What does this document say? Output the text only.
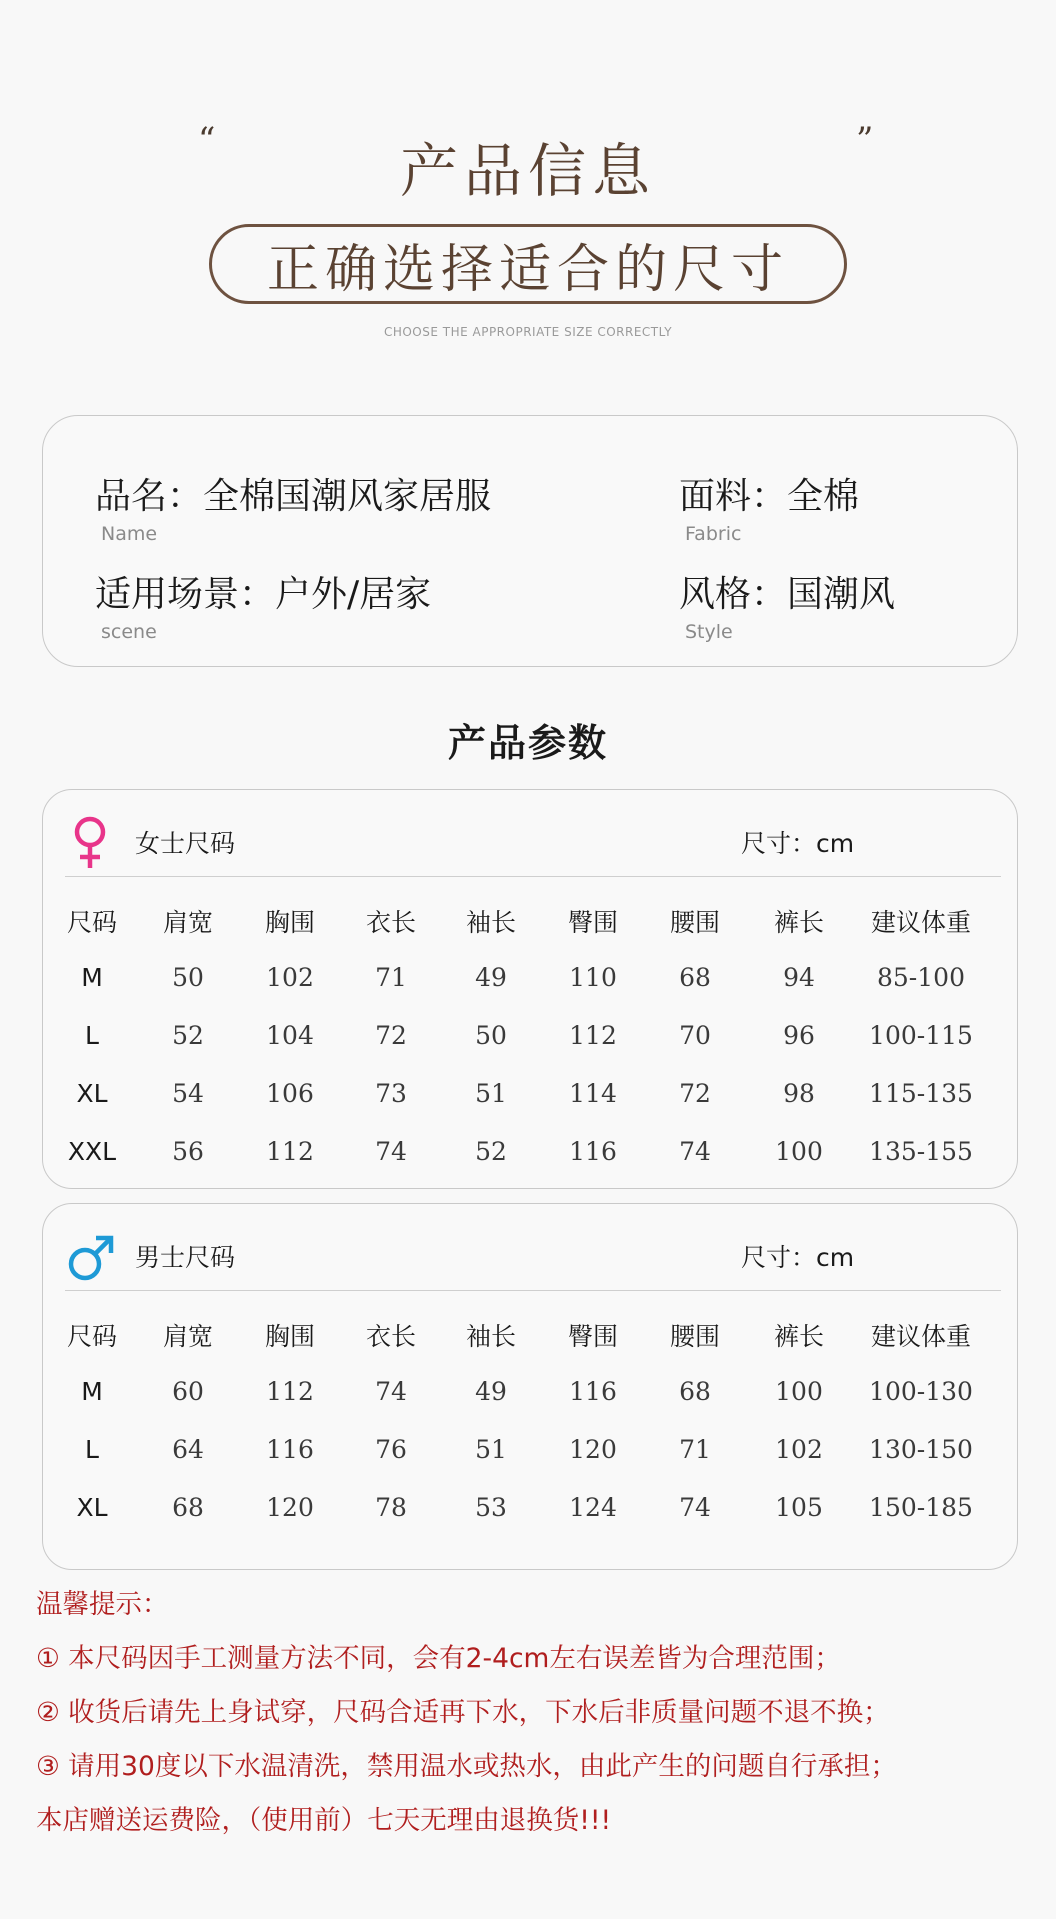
“	”
产品信息
正确选择适合的尺寸
CHOOSE THE APPROPRIATE SIZE CORRECTLY
品名：全棉国潮风家居服
Name
面料：全棉
Fabric
适用场景：户外/居家
scene
风格：国潮风
Style
产品参数
女士尺码	尺寸：cm
尺码	肩宽	胸围	衣长	袖长	臀围	腰围	裤长	建议体重
M	50	102	71	49	110	68	94	85-100
L	52	104	72	50	112	70	96	100-115
XL	54	106	73	51	114	72	98	115-135
XXL	56	112	74	52	116	74	100	135-155
男士尺码	尺寸：cm
尺码	肩宽	胸围	衣长	袖长	臀围	腰围	裤长	建议体重
M	60	112	74	49	116	68	100	100-130
L	64	116	76	51	120	71	102	130-150
XL	68	120	78	53	124	74	105	150-185
温馨提示：
① 本尺码因手工测量方法不同，会有2-4cm左右误差皆为合理范围；
② 收货后请先上身试穿，尺码合适再下水，下水后非质量问题不退不换；
③ 请用30度以下水温清洗，禁用温水或热水，由此产生的问题自行承担；
本店赠送运费险，（使用前）七天无理由退换货!!!
